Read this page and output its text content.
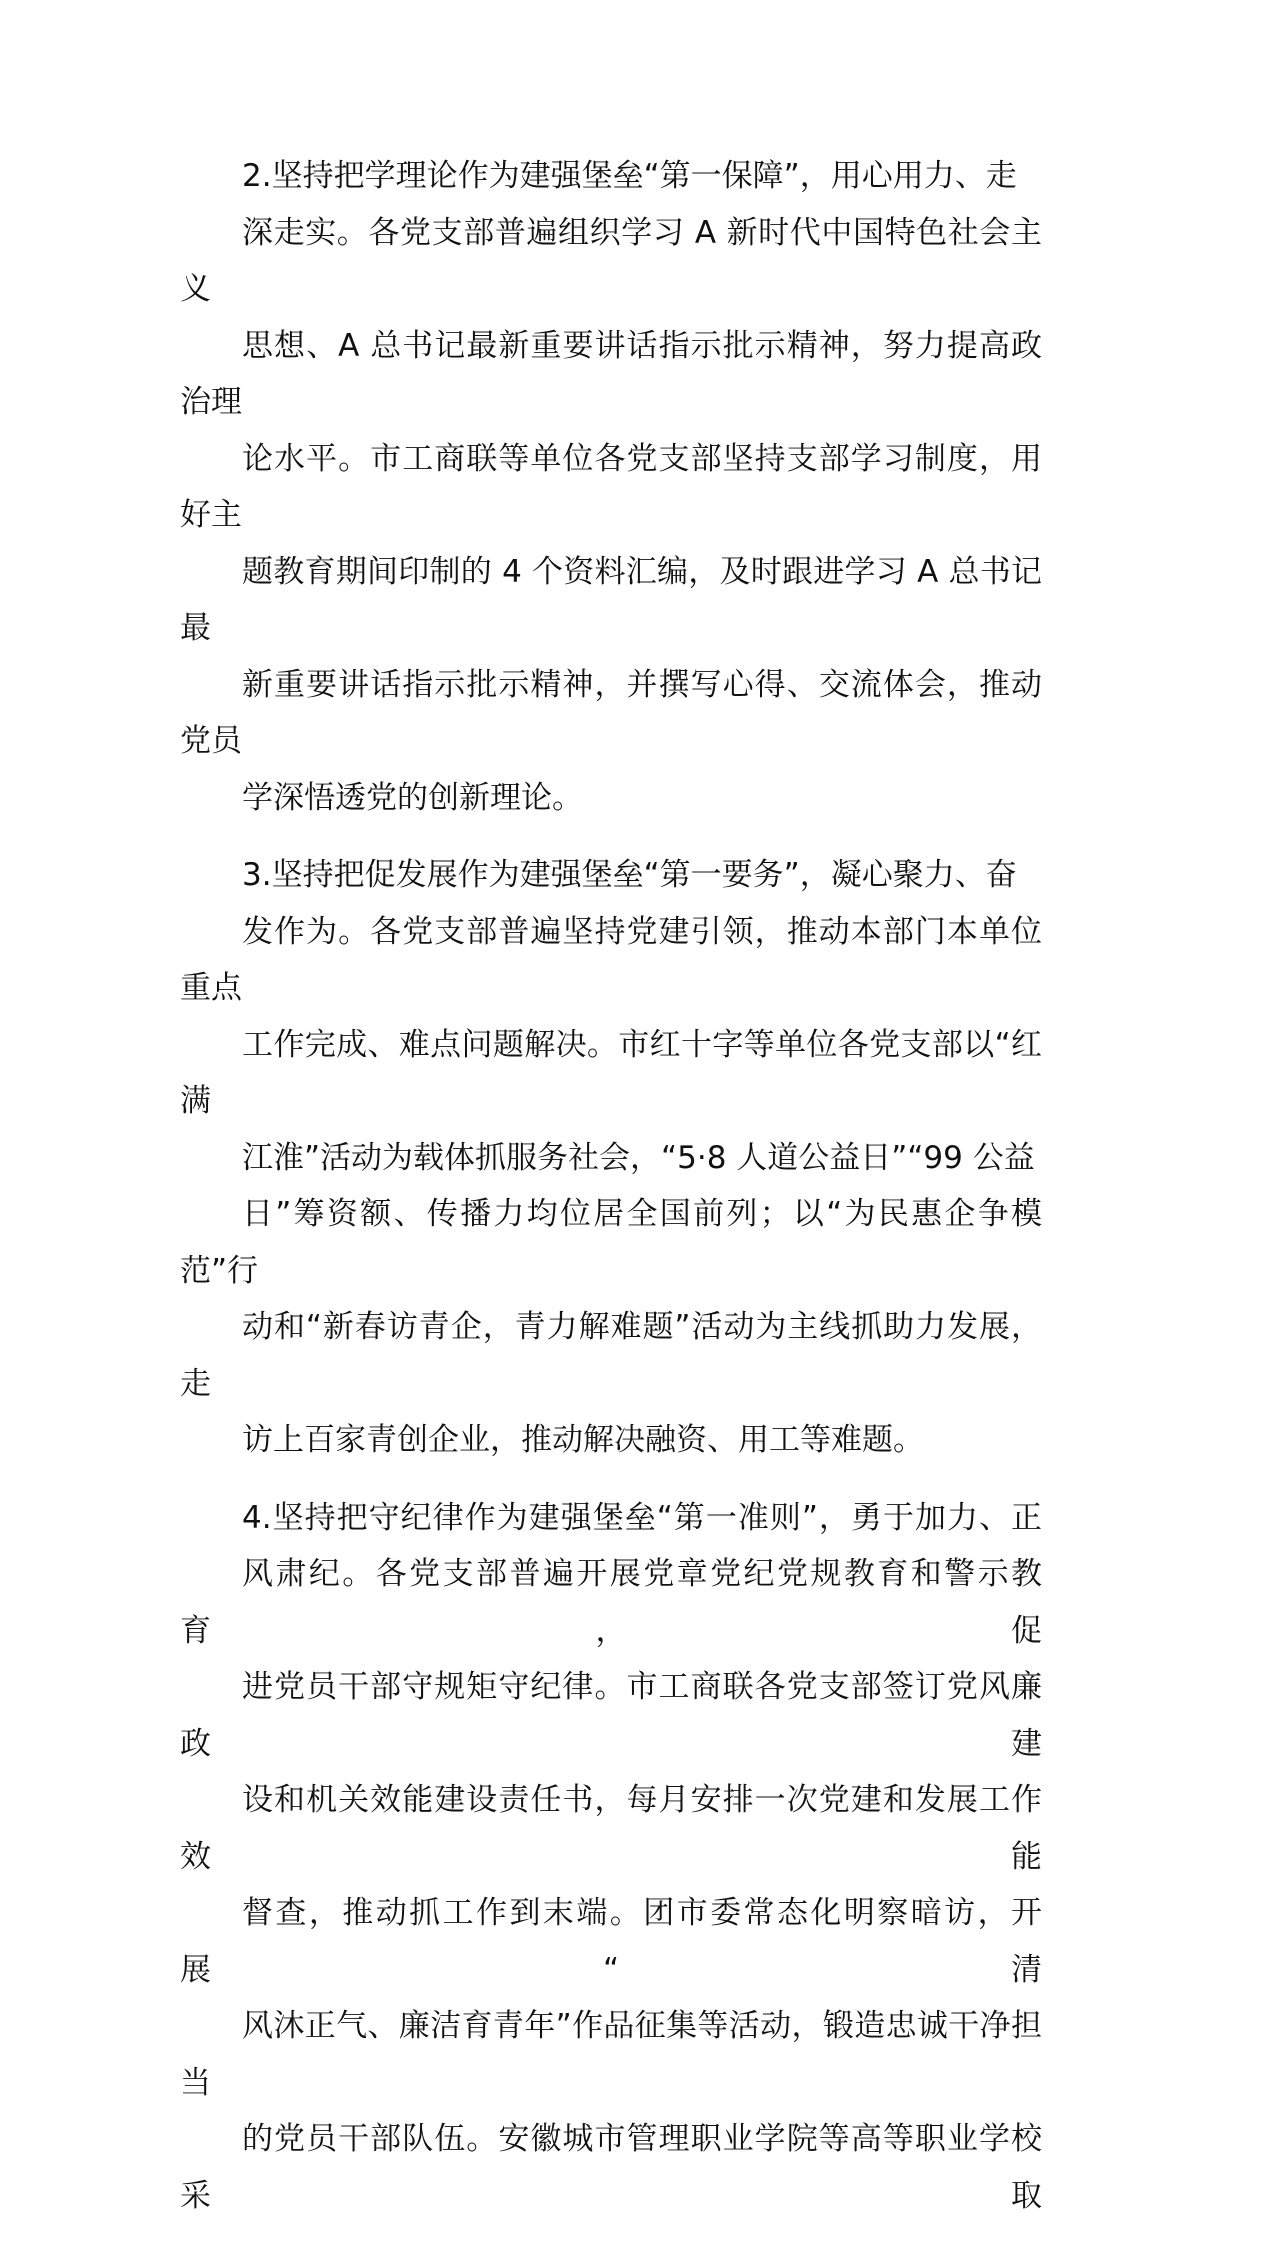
2.坚持把学理论作为建强堡垒“第一保障”，用心用力、走
深走实。各党支部普遍组织学习 A 新时代中国特色社会主义
思想、A 总书记最新重要讲话指示批示精神，努力提高政治理
论水平。市工商联等单位各党支部坚持支部学习制度，用好主
题教育期间印制的 4 个资料汇编，及时跟进学习 A 总书记最
新重要讲话指示批示精神，并撰写心得、交流体会，推动党员
学深悟透党的创新理论。

3.坚持把促发展作为建强堡垒“第一要务”，凝心聚力、奋
发作为。各党支部普遍坚持党建引领，推动本部门本单位重点
工作完成、难点问题解决。市红十字等单位各党支部以“红满
江淮”活动为载体抓服务社会，“5·8 人道公益日”“99 公益
日”筹资额、传播力均位居全国前列；以“为民惠企争模范”行
动和“新春访青企，青力解难题”活动为主线抓助力发展，走
访上百家青创企业，推动解决融资、用工等难题。

4.坚持把守纪律作为建强堡垒“第一准则”，勇于加力、正
风肃纪。各党支部普遍开展党章党纪党规教育和警示教育，促
进党员干部守规矩守纪律。市工商联各党支部签订党风廉政建
设和机关效能建设责任书，每月安排一次党建和发展工作效能
督查，推动抓工作到末端。团市委常态化明察暗访，开展“清
风沐正气、廉洁育青年”作品征集等活动，锻造忠诚干净担当
的党员干部队伍。安徽城市管理职业学院等高等职业学校采取
